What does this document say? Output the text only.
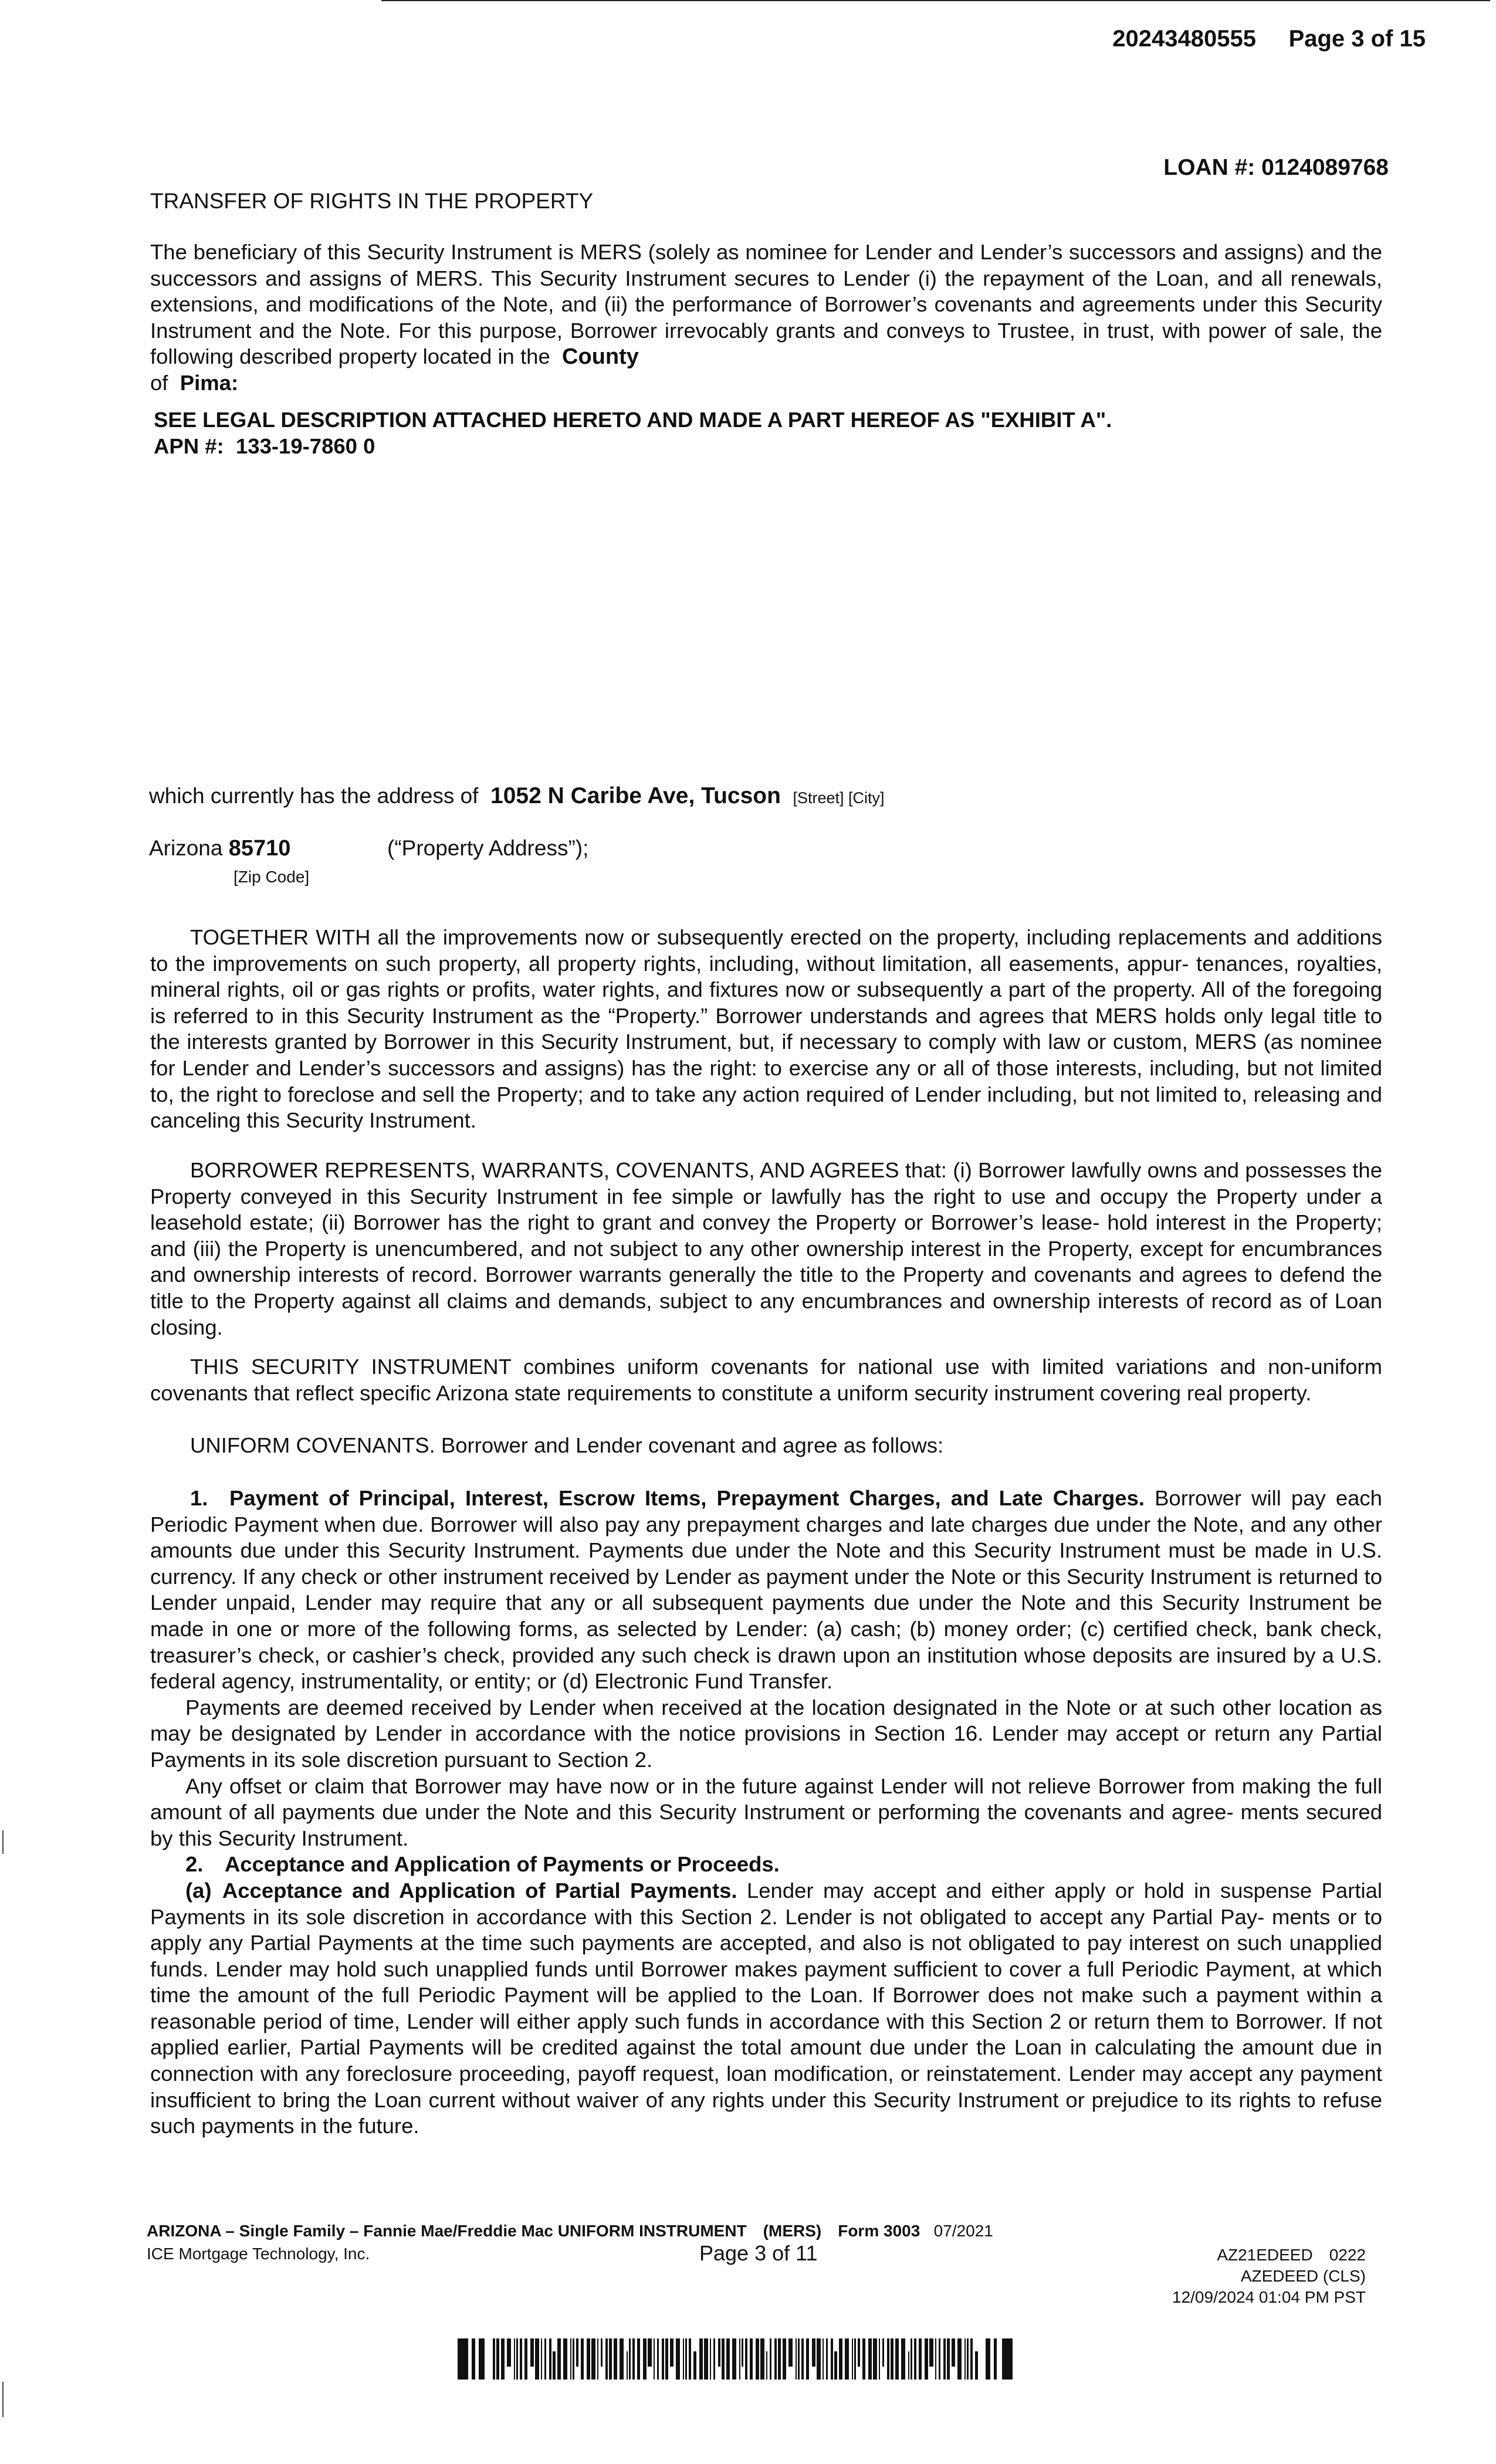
20243480555 Page 3 of 15
LOAN #: 0124089768
TRANSFER OF RIGHTS IN THE PROPERTY

The beneficiary of this Security Instrument is MERS (solely as nominee for Lender and Lender’s successors and assigns) and the successors and assigns of MERS. This Security Instrument secures to Lender (i) the repayment of the Loan, and all renewals, extensions, and modifications of the Note, and (ii) the performance of Borrower’s covenants and agreements under this Security Instrument and the Note. For this purpose, Borrower irrevocably grants and conveys to Trustee, in trust, with power of sale, the following described property located in the County

of Pima:

SEE LEGAL DESCRIPTION ATTACHED HERETO AND MADE A PART HEREOF AS "EXHIBIT A".
APN #: 133-19-7860 0
which currently has the address of 1052 N Caribe Ave, Tucson [Street] [City]
Arizona 85710
[Zip Code]
(“Property Address”);
TOGETHER WITH all the improvements now or subsequently erected on the property, including replacements and additions to the improvements on such property, all property rights, including, without limitation, all easements, appur- tenances, royalties, mineral rights, oil or gas rights or profits, water rights, and fixtures now or subsequently a part of the property. All of the foregoing is referred to in this Security Instrument as the “Property.” Borrower understands and agrees that MERS holds only legal title to the interests granted by Borrower in this Security Instrument, but, if necessary to comply with law or custom, MERS (as nominee for Lender and Lender’s successors and assigns) has the right: to exercise any or all of those interests, including, but not limited to, the right to foreclose and sell the Property; and to take any action required of Lender including, but not limited to, releasing and canceling this Security Instrument.
BORROWER REPRESENTS, WARRANTS, COVENANTS, AND AGREES that: (i) Borrower lawfully owns and possesses the Property conveyed in this Security Instrument in fee simple or lawfully has the right to use and occupy the Property under a leasehold estate; (ii) Borrower has the right to grant and convey the Property or Borrower’s lease- hold interest in the Property; and (iii) the Property is unencumbered, and not subject to any other ownership interest in the Property, except for encumbrances and ownership interests of record. Borrower warrants generally the title to the Property and covenants and agrees to defend the title to the Property against all claims and demands, subject to any encumbrances and ownership interests of record as of Loan closing.
THIS SECURITY INSTRUMENT combines uniform covenants for national use with limited variations and non-uniform covenants that reflect specific Arizona state requirements to constitute a uniform security instrument covering real property.
UNIFORM COVENANTS. Borrower and Lender covenant and agree as follows:

1. Payment of Principal, Interest, Escrow Items, Prepayment Charges, and Late Charges. Borrower will pay each Periodic Payment when due. Borrower will also pay any prepayment charges and late charges due under the Note, and any other amounts due under this Security Instrument. Payments due under the Note and this Security Instrument must be made in U.S. currency. If any check or other instrument received by Lender as payment under the Note or this Security Instrument is returned to Lender unpaid, Lender may require that any or all subsequent payments due under the Note and this Security Instrument be made in one or more of the following forms, as selected by Lender: (a) cash; (b) money order; (c) certified check, bank check, treasurer’s check, or cashier’s check, provided any such check is drawn upon an institution whose deposits are insured by a U.S. federal agency, instrumentality, or entity; or (d) Electronic Fund Transfer.

Payments are deemed received by Lender when received at the location designated in the Note or at such other location as may be designated by Lender in accordance with the notice provisions in Section 16. Lender may accept or return any Partial Payments in its sole discretion pursuant to Section 2.

Any offset or claim that Borrower may have now or in the future against Lender will not relieve Borrower from making the full amount of all payments due under the Note and this Security Instrument or performing the covenants and agree- ments secured by this Security Instrument.

2. Acceptance and Application of Payments or Proceeds.

(a) Acceptance and Application of Partial Payments. Lender may accept and either apply or hold in suspense Partial Payments in its sole discretion in accordance with this Section 2. Lender is not obligated to accept any Partial Pay- ments or to apply any Partial Payments at the time such payments are accepted, and also is not obligated to pay interest on such unapplied funds. Lender may hold such unapplied funds until Borrower makes payment sufficient to cover a full Periodic Payment, at which time the amount of the full Periodic Payment will be applied to the Loan. If Borrower does not make such a payment within a reasonable period of time, Lender will either apply such funds in accordance with this Section 2 or return them to Borrower. If not applied earlier, Partial Payments will be credited against the total amount due under the Loan in calculating the amount due in connection with any foreclosure proceeding, payoff request, loan modification, or reinstatement. Lender may accept any payment insufficient to bring the Loan current without waiver of any rights under this Security Instrument or prejudice to its rights to refuse such payments in the future.

ARIZONA – Single Family – Fannie Mae/Freddie Mac UNIFORM INSTRUMENT (MERS) Form 3003 07/2021
ICE Mortgage Technology, Inc.	Page 3 of 11	AZ21EDEED 0222
AZEDEED (CLS)
12/09/2024 01:04 PM PST
